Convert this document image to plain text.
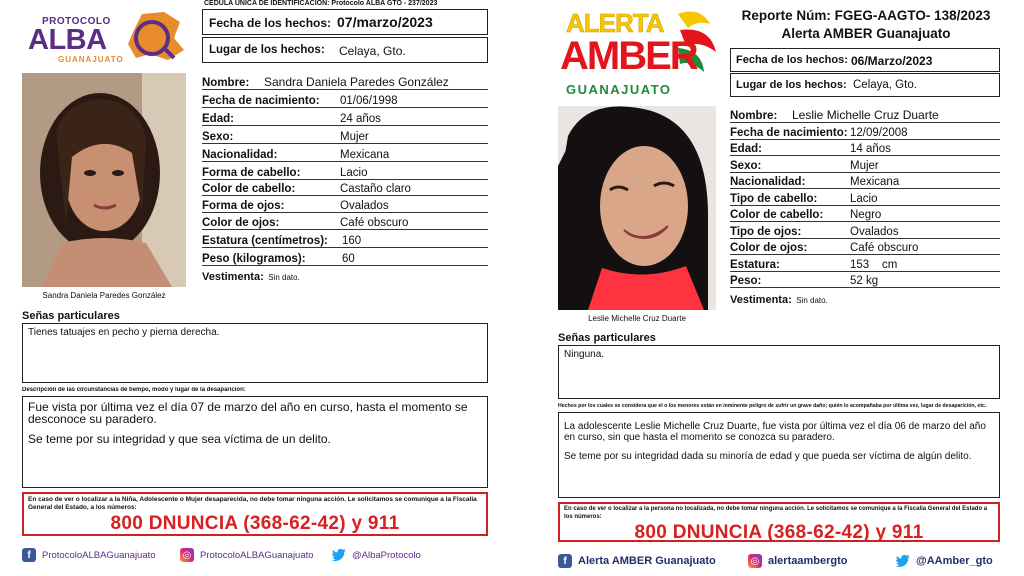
PROTOCOLO
ALBA
GUANAJUATO
CEDULA ÚNICA DE IDENTIFICACIÓN: Protocolo ALBA GTO - 237/2023
Fecha de los hechos: 07/marzo/2023
Lugar de los hechos: Celaya, Gto.
Sandra Daniela Paredes González
Nombre: Sandra Daniela Paredes González
Fecha de nacimiento: 01/06/1998
Edad:	24 años
Sexo:	Mujer
Nacionalidad:	Mexicana
Forma de cabello:	Lacio
Color de cabello:	Castaño claro
Forma de ojos:	Ovalados
Color de ojos:	Café obscuro
Estatura (centímetros): 160
Peso (kilogramos):	60
Vestimenta: Sin dato.
Señas particulares
Tienes tatuajes en pecho y pierna derecha.
Descripción de las circunstancias de tiempo, modo y lugar de la desaparición:
Fue vista por última vez el día 07 de marzo del año en curso, hasta el momento se desconoce su paradero.
Se teme por su integridad y que sea víctima de un delito.
En caso de ver o localizar a la Niña, Adolescente o Mujer desaparecida, no debe tomar ninguna acción. Le solicitamos se comunique a la Fiscalía General del Estado, a los números:
800 DNUNCIA (368-62-42) y 911
f	ProtocoloALBAGuanajuato	◎ ProtocoloALBAGuanajuato	@AlbaProtocolo
ALERTA
AMBER
GUANAJUATO
Reporte Núm: FGEG-AAGTO- 138/2023
Alerta AMBER Guanajuato
Fecha de los hechos: 06/Marzo/2023
Lugar de los hechos: Celaya, Gto.
Leslie Michelle Cruz Duarte
Nombre: Leslie Michelle Cruz Duarte
Fecha de nacimiento: 12/09/2008
Edad:	14 años
Sexo:	Mujer
Nacionalidad:	Mexicana
Tipo de cabello:	Lacio
Color de cabello: Negro
Tipo de ojos:	Ovalados
Color de ojos:	Café obscuro
Estatura:	153    cm
Peso:	52 kg
Vestimenta: Sin dato.
Señas particulares
Ninguna.
Hechos por los cuales se considera que el o los menores están en inminente peligro de sufrir un grave daño; quién lo acompañaba por última vez, lugar de desaparición, etc.
La adolescente Leslie Michelle Cruz Duarte, fue vista por última vez el día 06 de marzo del año en curso, sin que hasta el momento se conozca su paradero.
Se teme por su integridad dada su minoría de edad y que pueda ser víctima de algún delito.
En caso de ver o localizar a la persona no localizada, no debe tomar ninguna acción. Le solicitamos se comunique a la Fiscalía General del Estado a los números:
800 DNUNCIA (368-62-42) y 911
f	Alerta AMBER Guanajuato	◎ alertaambergto	@AAmber_gto
